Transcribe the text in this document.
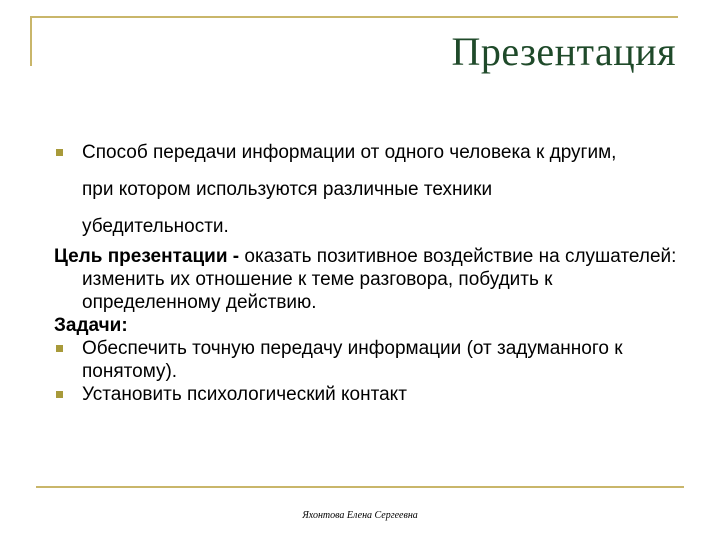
Презентация
Способ передачи информации от одного человека к другим,
при котором используются различные техники
убедительности.
Цель презентации - оказать позитивное воздействие на слушателей: изменить их отношение к теме разговора, побудить к определенному действию.
Задачи:
Обеспечить точную передачу информации (от задуманного к понятому).
Установить психологический контакт
Яхонтова Елена Сергеевна
